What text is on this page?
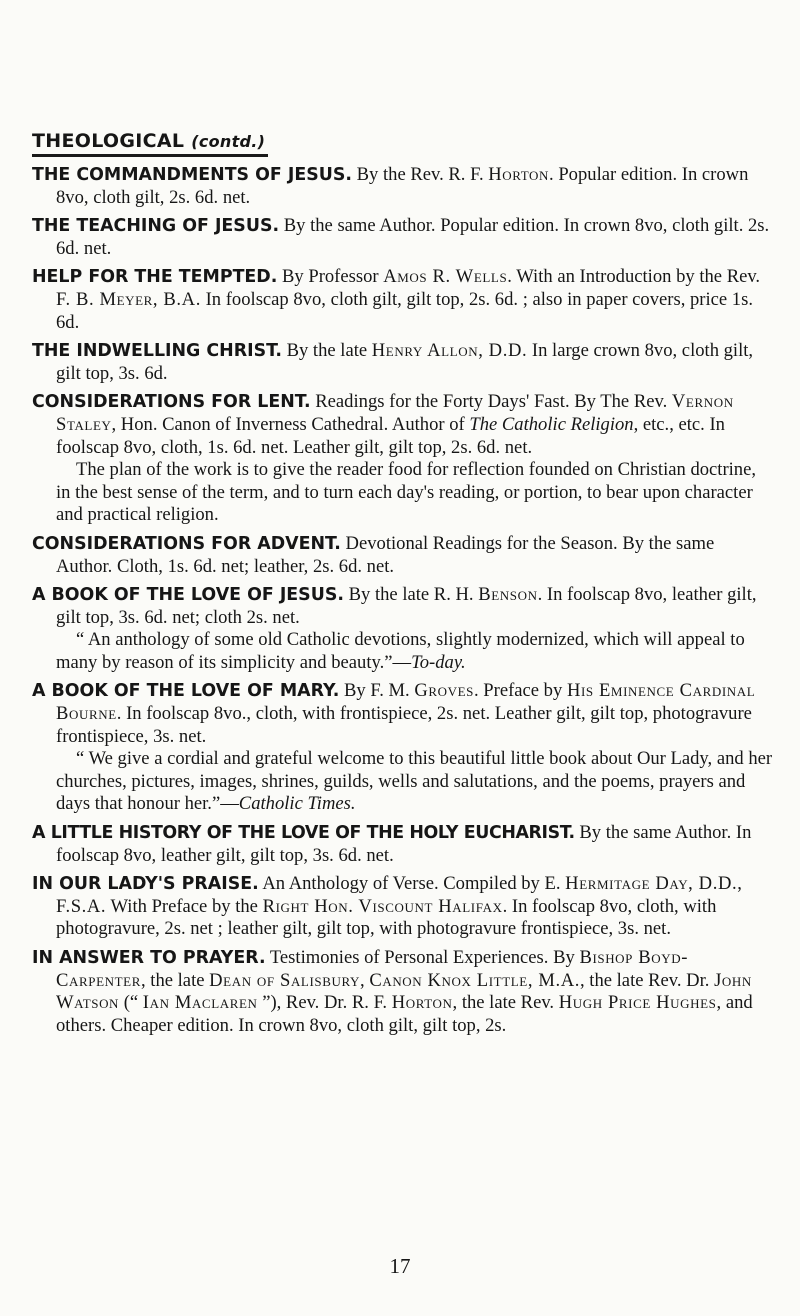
THEOLOGICAL (contd.)

THE COMMANDMENTS OF JESUS. By the Rev. R. F. Horton. Popular edition. In crown 8vo, cloth gilt, 2s. 6d. net.

THE TEACHING OF JESUS. By the same Author. Popular edition. In crown 8vo, cloth gilt. 2s. 6d. net.

HELP FOR THE TEMPTED. By Professor Amos R. Wells. With an Introduction by the Rev. F. B. Meyer, B.A. In foolscap 8vo, cloth gilt, gilt top, 2s. 6d. ; also in paper covers, price 1s. 6d.

THE INDWELLING CHRIST. By the late Henry Allon, D.D. In large crown 8vo, cloth gilt, gilt top, 3s. 6d.

CONSIDERATIONS FOR LENT. Readings for the Forty Days' Fast. By The Rev. Vernon Staley, Hon. Canon of Inverness Cathedral. Author of The Catholic Religion, etc., etc. In foolscap 8vo, cloth, 1s. 6d. net. Leather gilt, gilt top, 2s. 6d. net.

The plan of the work is to give the reader food for reflection founded on Christian doctrine, in the best sense of the term, and to turn each day's reading, or portion, to bear upon character and practical religion.

CONSIDERATIONS FOR ADVENT. Devotional Readings for the Season. By the same Author. Cloth, 1s. 6d. net; leather, 2s. 6d. net.

A BOOK OF THE LOVE OF JESUS. By the late R. H. Benson. In foolscap 8vo, leather gilt, gilt top, 3s. 6d. net; cloth 2s. net.

“ An anthology of some old Catholic devotions, slightly modernized, which will appeal to many by reason of its simplicity and beauty.”—To-day.

A BOOK OF THE LOVE OF MARY. By F. M. Groves. Preface by His Eminence Cardinal Bourne. In foolscap 8vo., cloth, with frontispiece, 2s. net. Leather gilt, gilt top, photogravure frontispiece, 3s. net.

“ We give a cordial and grateful welcome to this beautiful little book about Our Lady, and her churches, pictures, images, shrines, guilds, wells and salutations, and the poems, prayers and days that honour her.”—Catholic Times.

A LITTLE HISTORY OF THE LOVE OF THE HOLY EUCHARIST. By the same Author. In foolscap 8vo, leather gilt, gilt top, 3s. 6d. net.

IN OUR LADY'S PRAISE. An Anthology of Verse. Compiled by E. Hermitage Day, D.D., F.S.A. With Preface by the Right Hon. Viscount Halifax. In foolscap 8vo, cloth, with photogravure, 2s. net ; leather gilt, gilt top, with photogravure frontispiece, 3s. net.

IN ANSWER TO PRAYER. Testimonies of Personal Experiences. By Bishop Boyd-Carpenter, the late Dean of Salisbury, Canon Knox Little, M.A., the late Rev. Dr. John Watson (“ Ian Maclaren ”), Rev. Dr. R. F. Horton, the late Rev. Hugh Price Hughes, and others. Cheaper edition. In crown 8vo, cloth gilt, gilt top, 2s.

17
